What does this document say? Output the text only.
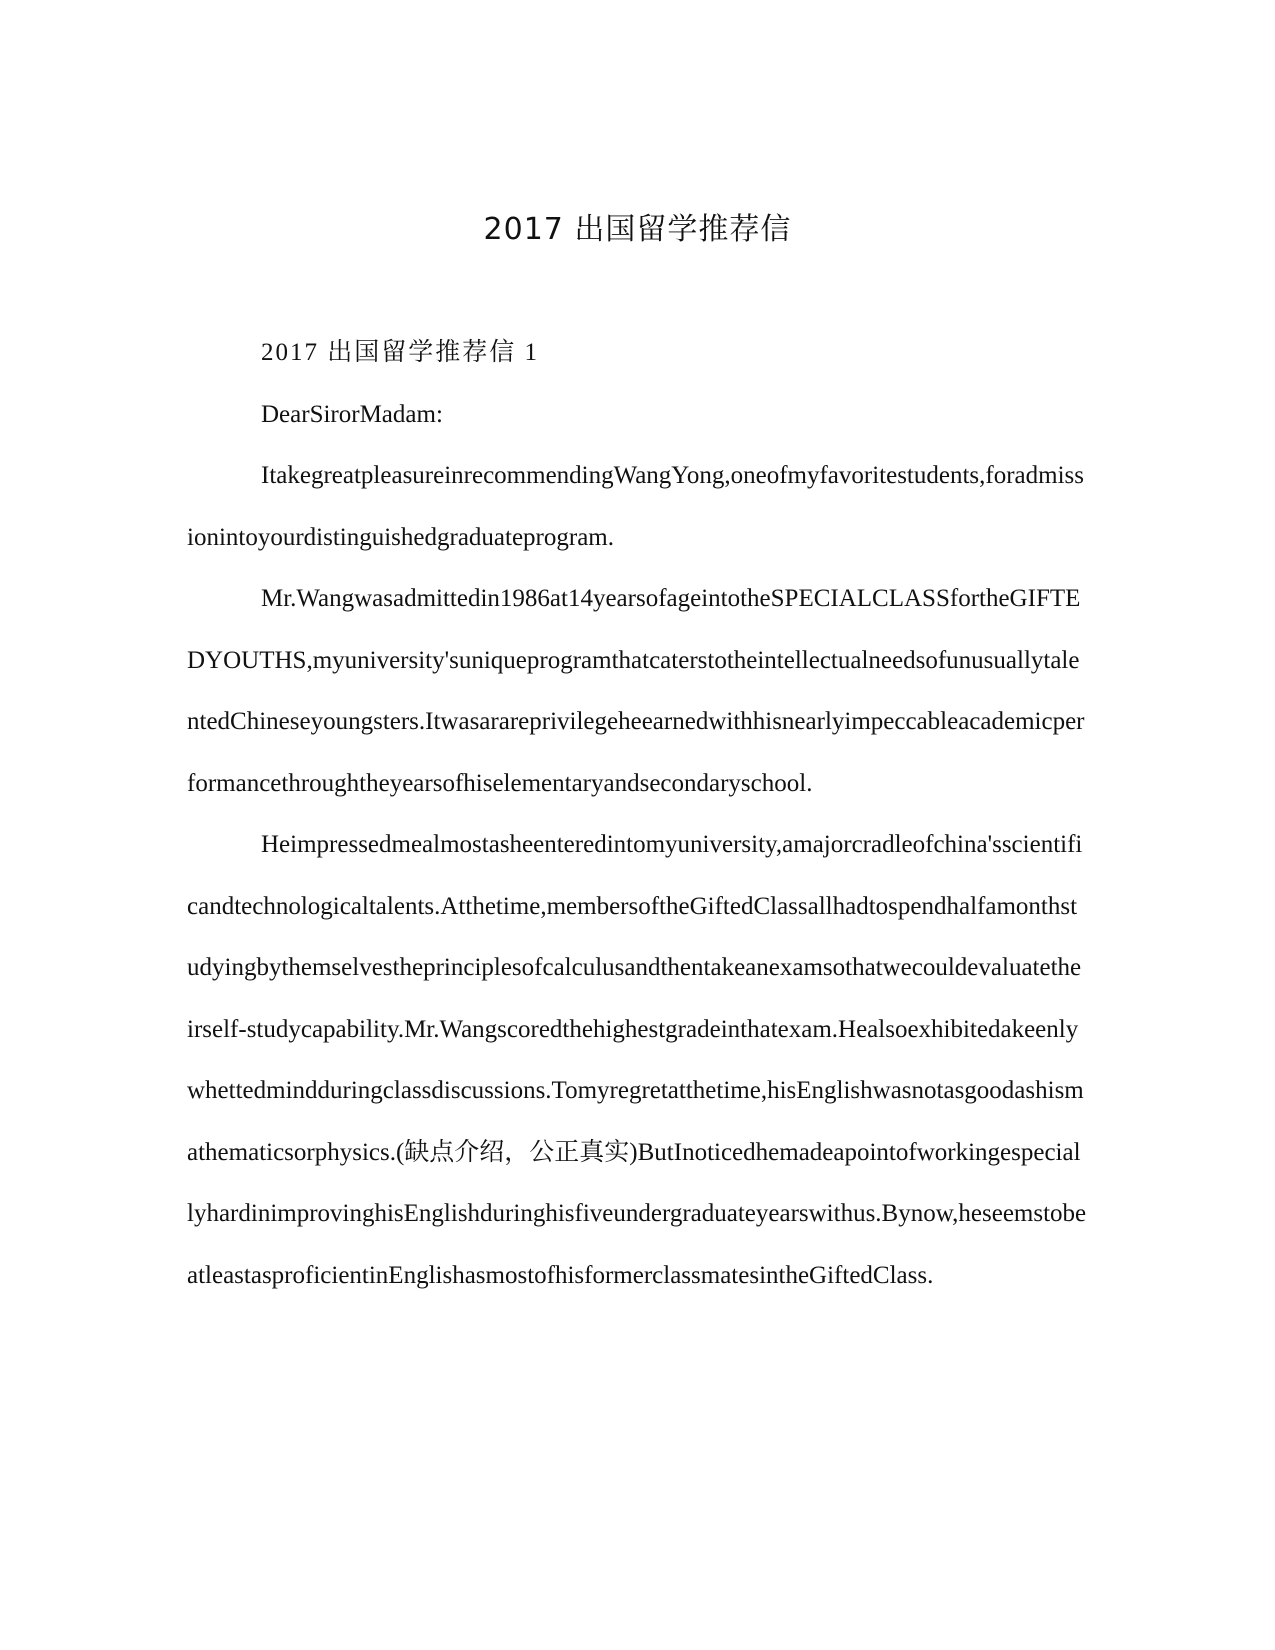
2017 出国留学推荐信

2017 出国留学推荐信 1

DearSirorMadam:

ItakegreatpleasureinrecommendingWangYong,oneofmyfavoritestudents,foradmissionintoyourdistinguishedgraduateprogram.

Mr.Wangwasadmittedin1986at14yearsofageintotheSPECIALCLASSfortheGIFTEDYOUTHS,myuniversity'suniqueprogramthatcaterstotheintellectualneedsofunusuallytalentedChineseyoungsters.Itwasarareprivilegeheearnedwithhisnearlyimpeccableacademicperformancethroughtheyearsofhiselementaryandsecondaryschool.

Heimpressedmealmostasheenteredintomyuniversity,amajorcradleofchina'sscientificandtechnologicaltalents.Atthetime,membersoftheGiftedClassallhadtospendhalfamonthstudyingbythemselvestheprinciplesofcalculusandthentakeanexamsothatwecouldevaluatetheirself-studycapability.Mr.Wangscoredthehighestgradeinthatexam.Healsoexhibitedakeenlywhettedmindduringclassdiscussions.Tomyregretatthetime,hisEnglishwasnotasgoodashismathematicsorphysics.(缺点介绍，公正真实)ButInoticedhemadeapointofworkingespeciallyhardinimprovinghisEnglishduringhisfiveundergraduateyearswithus.Bynow,heseemstobeatleastasproficientinEnglishasmostofhisformerclassmatesintheGiftedClass.
